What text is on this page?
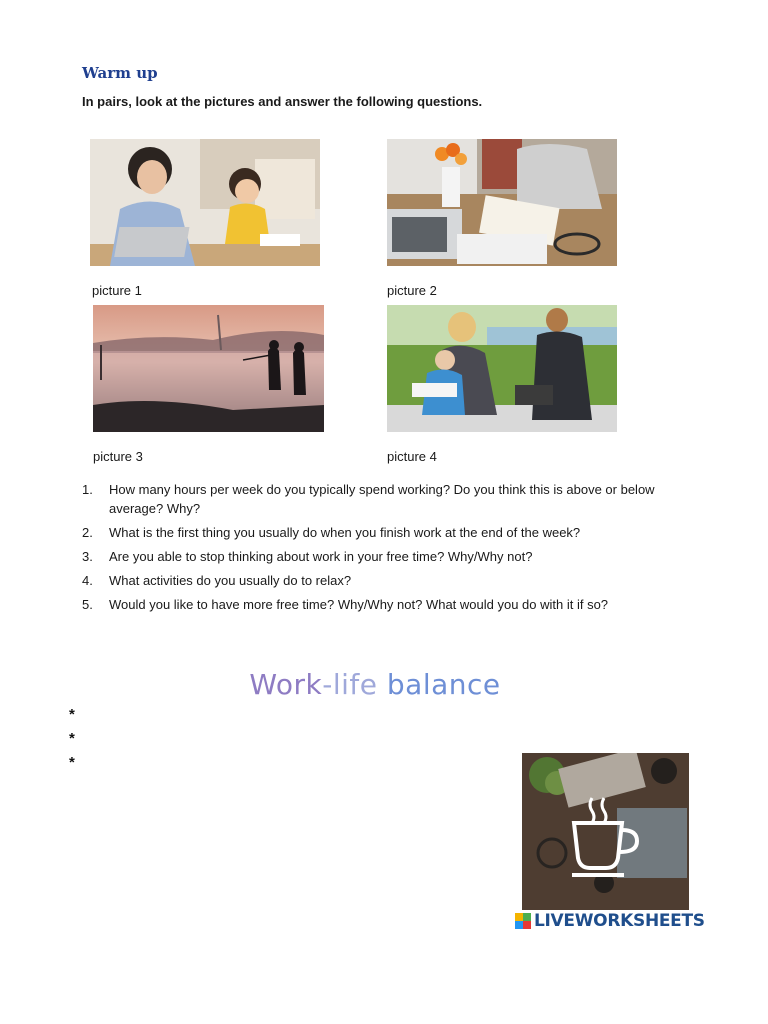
Warm up
In pairs, look at the pictures and answer the following questions.
picture 1	picture 2
picture 3	picture 4
1.	How many hours per week do you typically spend working? Do you think this is above or below average? Why?
2.	What is the first thing you usually do when you finish work at the end of the week?
3.	Are you able to stop thinking about work in your free time? Why/Why not?
4.	What activities do you usually do to relax?
5.	Would you like to have more free time? Why/Why not? What would you do with it if so?
Work-life balance
*
*
*
LIVEWORKSHEETS
